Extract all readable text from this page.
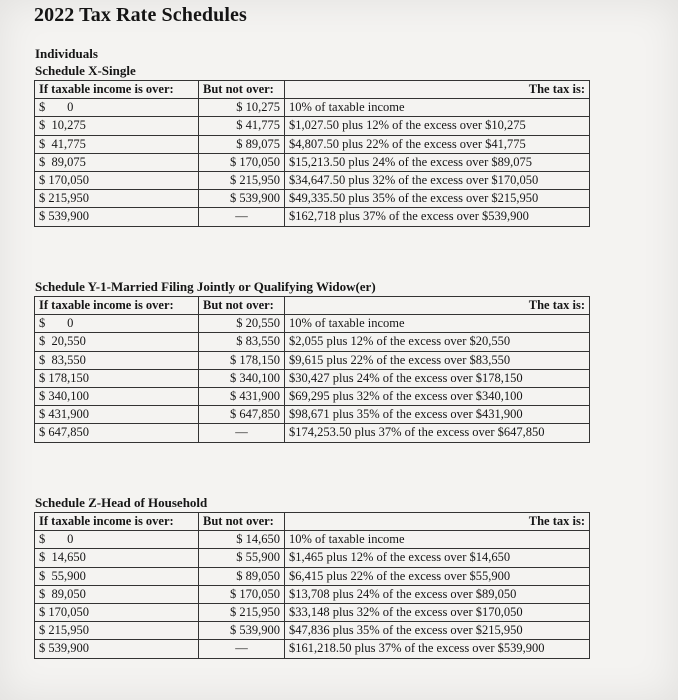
2022 Tax Rate Schedules
Individuals
Schedule X-Single
If taxable income is over:	But not over:	The tax is:
$       0	$ 10,275	10% of taxable income
$  10,275	$ 41,775	$1,027.50 plus 12% of the excess over $10,275
$  41,775	$ 89,075	$4,807.50 plus 22% of the excess over $41,775
$  89,075	$ 170,050	$15,213.50 plus 24% of the excess over $89,075
$ 170,050	$ 215,950	$34,647.50 plus 32% of the excess over $170,050
$ 215,950	$ 539,900	$49,335.50 plus 35% of the excess over $215,950
$ 539,900	—	$162,718 plus 37% of the excess over $539,900
Schedule Y-1-Married Filing Jointly or Qualifying Widow(er)
If taxable income is over:	But not over:	The tax is:
$       0	$ 20,550	10% of taxable income
$  20,550	$ 83,550	$2,055 plus 12% of the excess over $20,550
$  83,550	$ 178,150	$9,615 plus 22% of the excess over $83,550
$ 178,150	$ 340,100	$30,427 plus 24% of the excess over $178,150
$ 340,100	$ 431,900	$69,295 plus 32% of the excess over $340,100
$ 431,900	$ 647,850	$98,671 plus 35% of the excess over $431,900
$ 647,850	—	$174,253.50 plus 37% of the excess over $647,850
Schedule Z-Head of Household
If taxable income is over:	But not over:	The tax is:
$       0	$ 14,650	10% of taxable income
$  14,650	$ 55,900	$1,465 plus 12% of the excess over $14,650
$  55,900	$ 89,050	$6,415 plus 22% of the excess over $55,900
$  89,050	$ 170,050	$13,708 plus 24% of the excess over $89,050
$ 170,050	$ 215,950	$33,148 plus 32% of the excess over $170,050
$ 215,950	$ 539,900	$47,836 plus 35% of the excess over $215,950
$ 539,900	—	$161,218.50 plus 37% of the excess over $539,900
